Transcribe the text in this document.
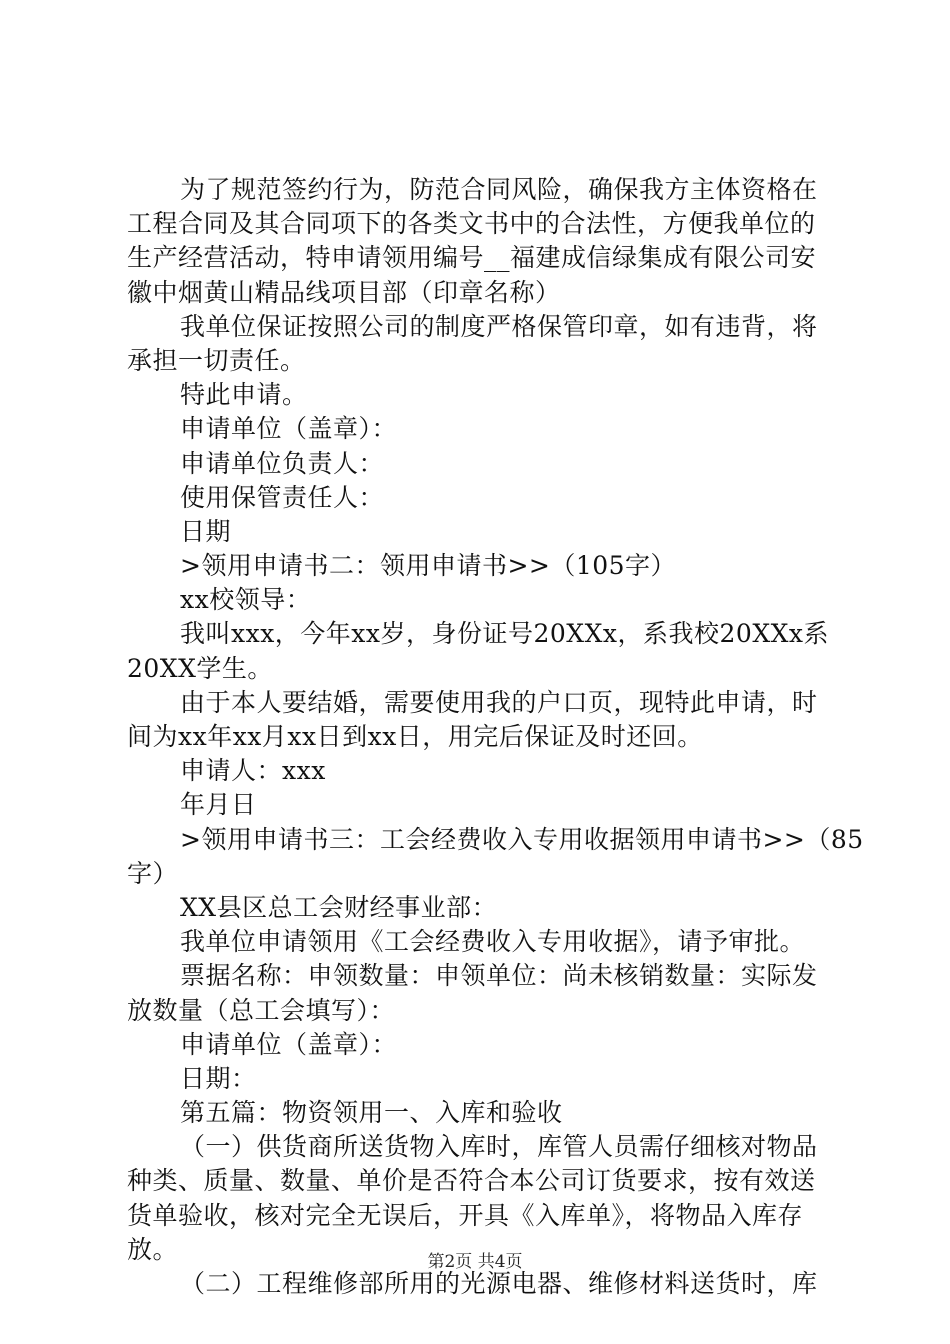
为了规范签约行为，防范合同风险，确保我方主体资格在
工程合同及其合同项下的各类文书中的合法性，方便我单位的
生产经营活动，特申请领用编号__福建成信绿集成有限公司安
徽中烟黄山精品线项目部（印章名称）
我单位保证按照公司的制度严格保管印章，如有违背，将
承担一切责任。
特此申请。
申请单位（盖章）：
申请单位负责人：
使用保管责任人：
日期
>领用申请书二：领用申请书>>（105字）
xx校领导：
我叫xxx，今年xx岁，身份证号20XXx，系我校20XXx系
20XX学生。
由于本人要结婚，需要使用我的户口页，现特此申请，时
间为xx年xx月xx日到xx日，用完后保证及时还回。
申请人：xxx
年月日
>领用申请书三：工会经费收入专用收据领用申请书>>（85
字）
XX县区总工会财经事业部：
我单位申请领用《工会经费收入专用收据》，请予审批。
票据名称：申领数量：申领单位：尚未核销数量：实际发
放数量（总工会填写）：
申请单位（盖章）：
日期：
第五篇：物资领用一、入库和验收
（一）供货商所送货物入库时，库管人员需仔细核对物品
种类、质量、数量、单价是否符合本公司订货要求，按有效送
货单验收，核对完全无误后，开具《入库单》，将物品入库存
放。
（二）工程维修部所用的光源电器、维修材料送货时，库
第2页 共4页
